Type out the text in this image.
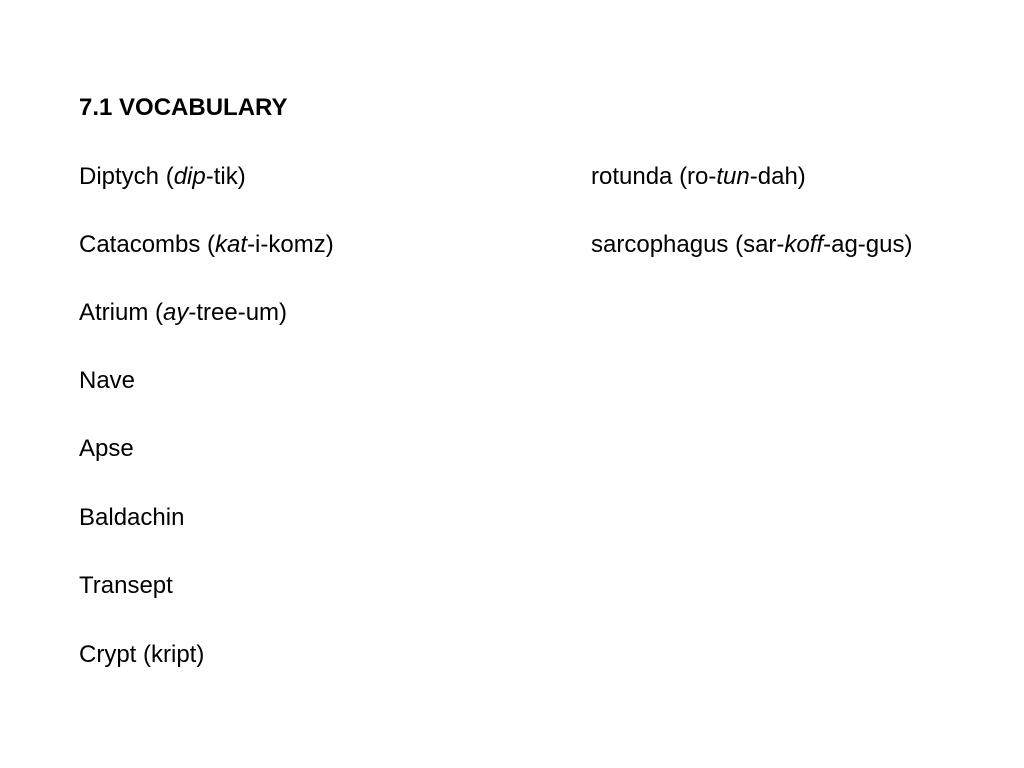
7.1 VOCABULARY
Diptych (dip-tik)
Catacombs (kat-i-komz)
Atrium (ay-tree-um)
Nave
Apse
Baldachin
Transept
Crypt (kript)
rotunda (ro-tun-dah)
sarcophagus (sar-koff-ag-gus)
